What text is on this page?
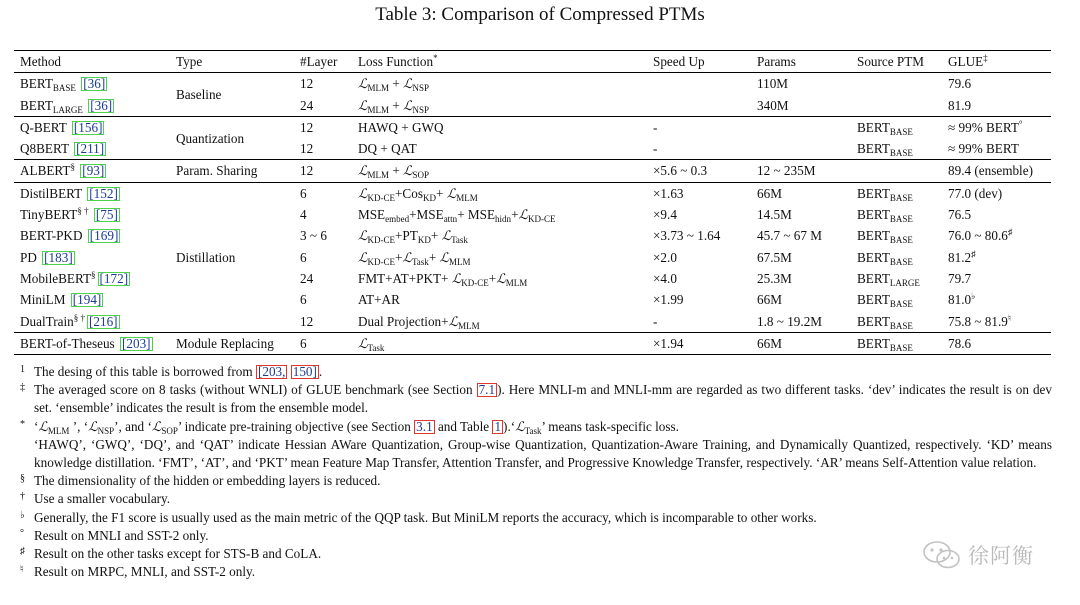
Table 3: Comparison of Compressed PTMs
Method	Type	#Layer	Loss Function*	Speed Up	Params	Source PTM	GLUE‡
$BERT_{BASE}$ [36]	Baseline	12	ℒ$_{MLM}$ + ℒ$_{NSP}$		110M		79.6
$BERT_{LARGE}$ [36]		24	ℒ$_{MLM}$ + ℒ$_{NSP}$		340M		81.9
Q-BERT [156]	Quantization	12	HAWQ + GWQ	-		$BERT_{BASE}$	≈ 99% BERT°
Q8BERT [211]		12	DQ + QAT	-		$BERT_{BASE}$	≈ 99% BERT
ALBERT§ [93]	Param. Sharing	12	ℒ$_{MLM}$ + ℒ$_{SOP}$	×5.6 ~ 0.3	12 ~ 235M		89.4 (ensemble)
DistilBERT [152]	Distillation	6	ℒ$_{KD-CE}$+Cos$_{KD}$+ ℒ$_{MLM}$	×1.63	66M	$BERT_{BASE}$	77.0 (dev)
TinyBERT§ † [75]		4	$MSE_{embed}+MSE_{attn}+$ $MSE_{hidn}+ℒ_{KD-CE}$	×9.4	14.5M	$BERT_{BASE}$	76.5
BERT-PKD [169]		3 ~ 6	$ℒ_{KD-CE}+PT_{KD}+$ ℒ$_{Task}$	×3.73 ~ 1.64	45.7 ~ 67 M	$BERT_{BASE}$	76.0 ~ 80.6♯
PD [183]		6	ℒ$_{KD-CE}$+ℒ$_{Task}$+ ℒ$_{MLM}$	×2.0	67.5M	$BERT_{BASE}$	81.2♯
MobileBERT§ [172]		24	FMT+AT+PKT+ ℒ$_{KD-CE}$+ℒ$_{MLM}$	×4.0	25.3M	$BERT_{LARGE}$	79.7
MiniLM [194]		6	AT+AR	×1.99	66M	$BERT_{BASE}$	81.0♭
DualTrain§ † [216]		12	Dual Projection+ℒ$_{MLM}$	-	1.8 ~ 19.2M	$BERT_{BASE}$	75.8 ~ 81.9♮
BERT-of-Theseus [203]	Module Replacing	6	ℒ$_{Task}$	×1.94	66M	$BERT_{BASE}$	78.6
1 The desing of this table is borrowed from [203, 150] .
‡ The averaged score on 8 tasks (without WNLI) of GLUE benchmark (see Section 7.1 ). Here MNLI-m and MNLI-mm are regarded as two different tasks. ‘dev’ indicates the result is on dev set. ‘ensemble’ indicates the result is from the ensemble model.
* ‘ℒ$_{MLM}$ ’, ‘ℒ$_{NSP}$’, and ‘ℒ$_{SOP}$’ indicate pre-training objective (see Section 3.1 and Table 1 ).‘ℒ$_{Task}$’ means task-specific loss.
‘HAWQ’, ‘GWQ’, ‘DQ’, and ‘QAT’ indicate Hessian AWare Quantization, Group-wise Quantization, Quantization-Aware Training, and Dynamically Quantized, respectively. ‘KD’ means knowledge distillation. ‘FMT’, ‘AT’, and ‘PKT’ mean Feature Map Transfer, Attention Transfer, and Progressive Knowledge Transfer, respectively. ‘AR’ means Self-Attention value relation.
§ The dimensionality of the hidden or embedding layers is reduced.
† Use a smaller vocabulary.
♭ Generally, the F1 score is usually used as the main metric of the QQP task. But MiniLM reports the accuracy, which is incomparable to other works.
° Result on MNLI and SST-2 only.
♯ Result on the other tasks except for STS-B and CoLA.
♮ Result on MRPC, MNLI, and SST-2 only.
徐阿衡
